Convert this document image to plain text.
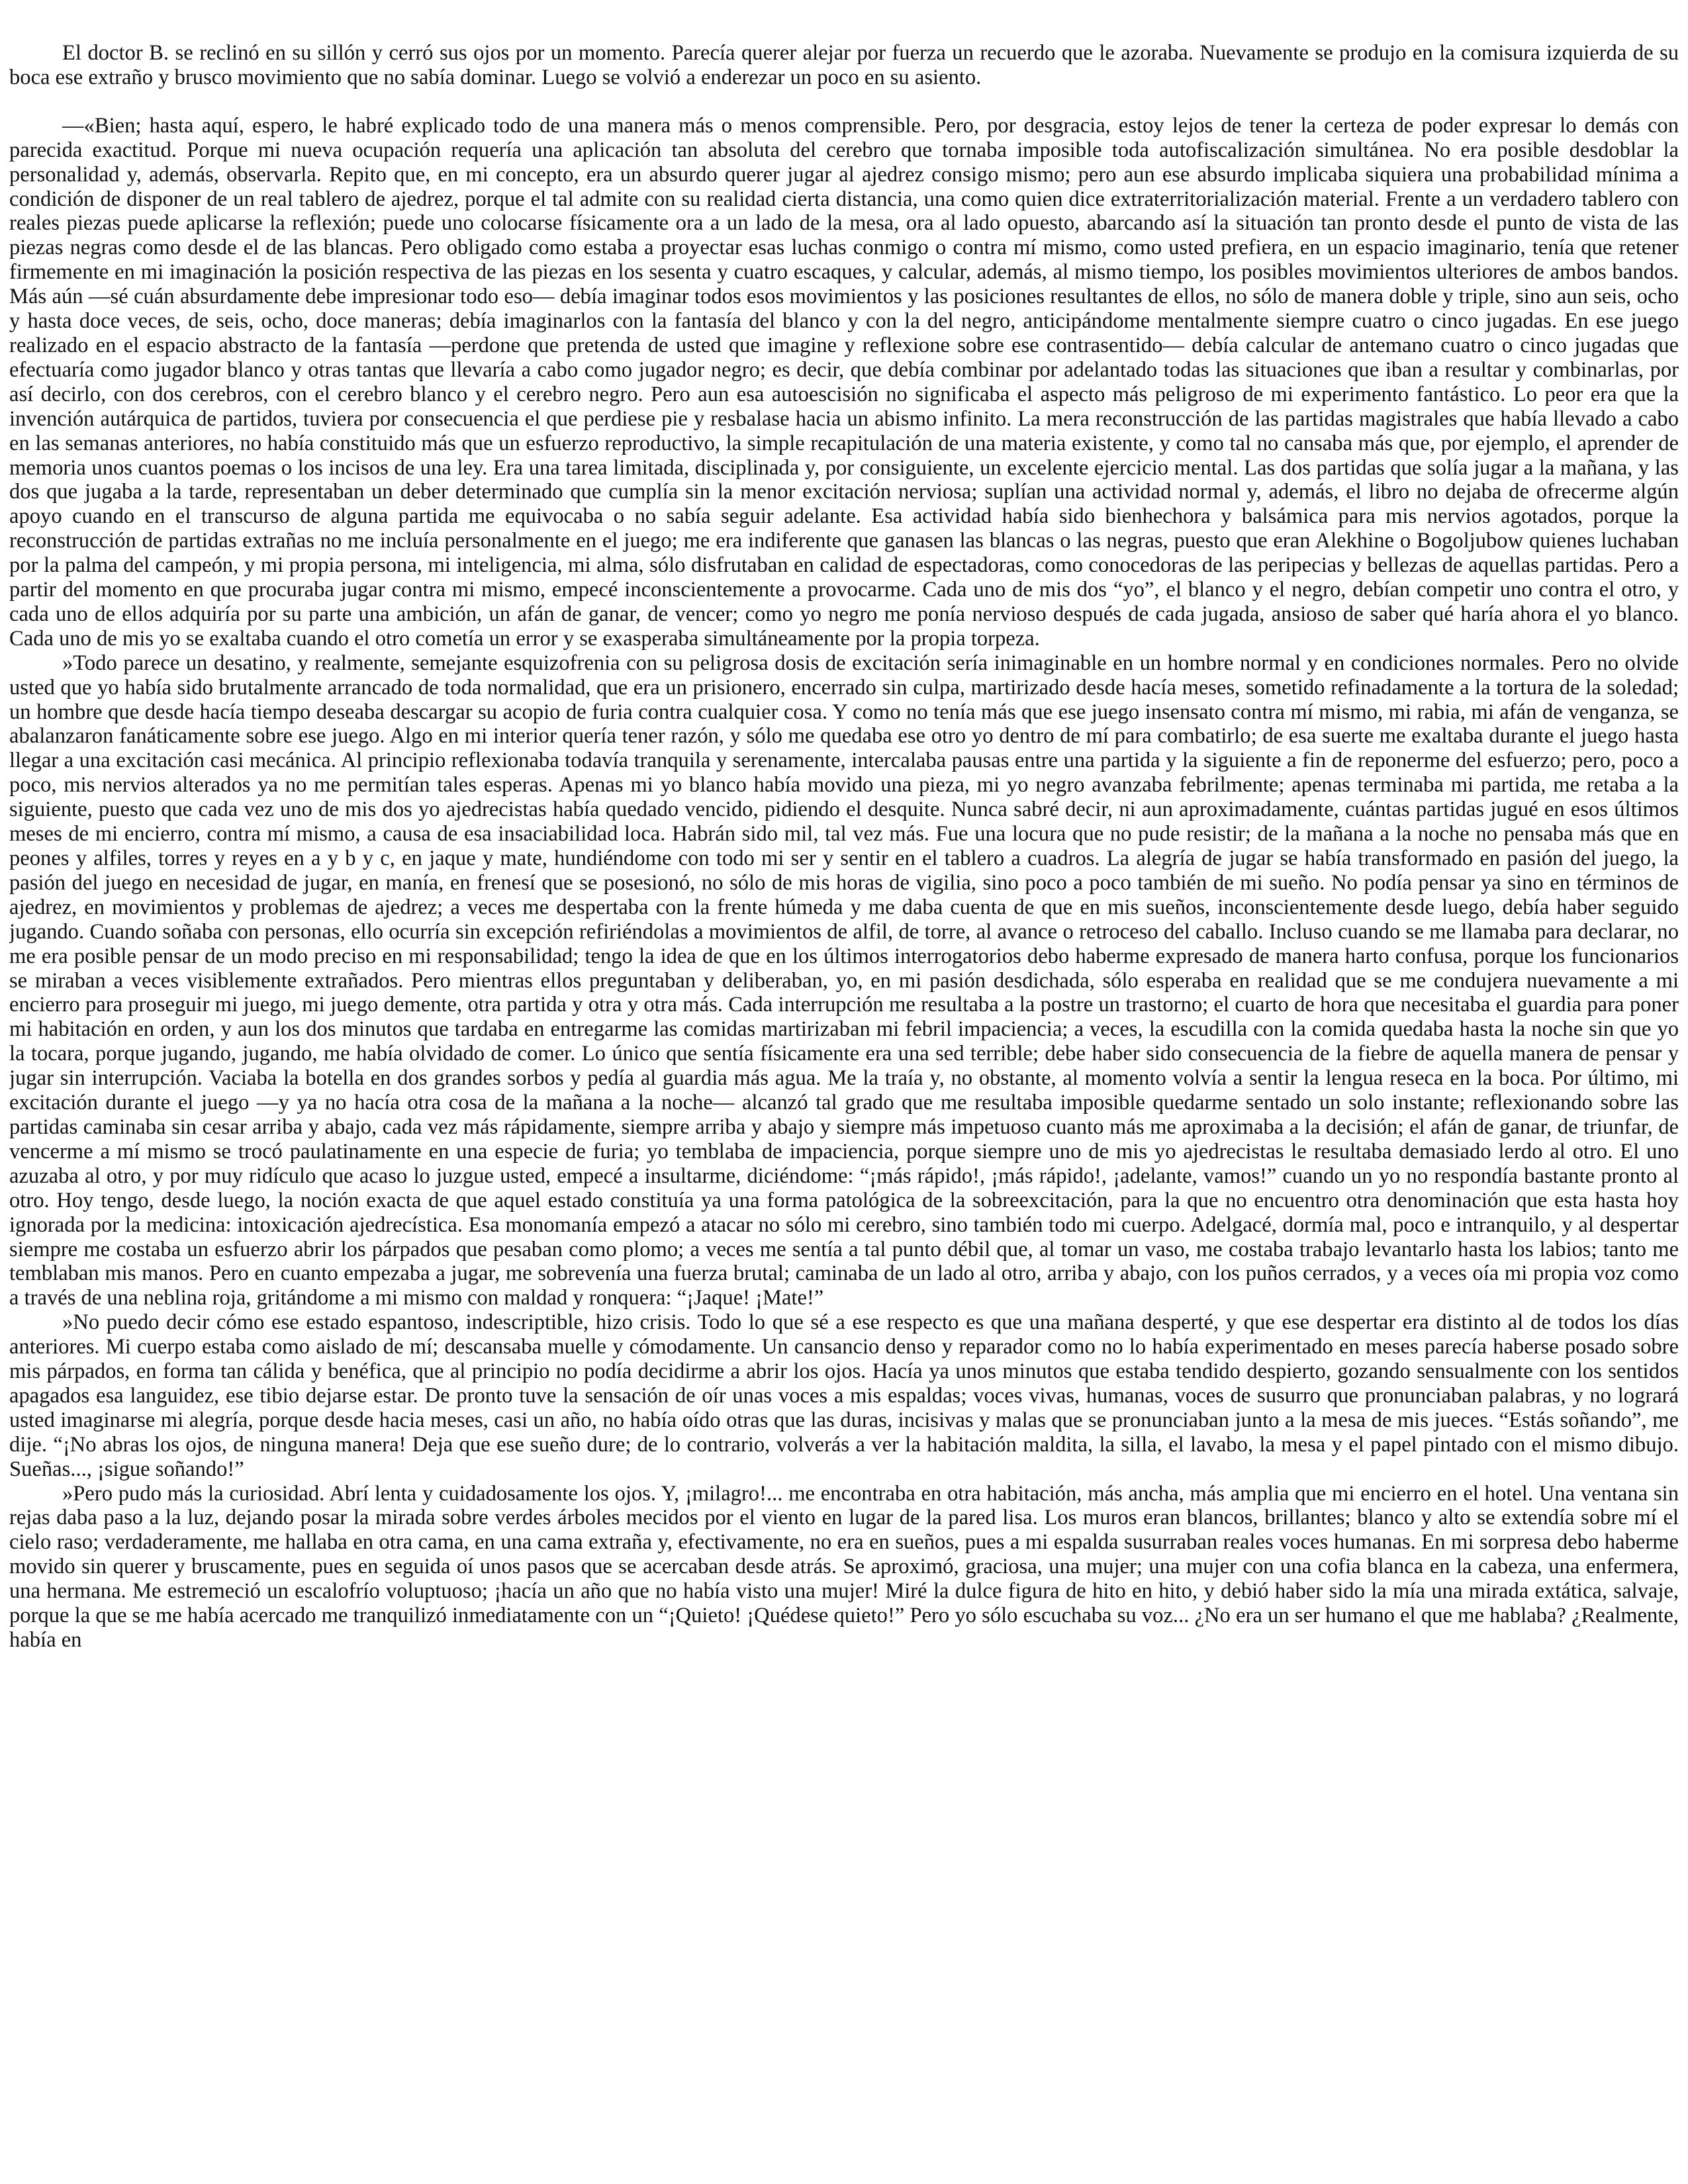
El doctor B. se reclinó en su sillón y cerró sus ojos por un momento. Parecía querer alejar por fuerza un recuerdo que le azoraba. Nuevamente se produjo en la comisura izquierda de su boca ese extraño y brusco movimiento que no sabía dominar. Luego se volvió a enderezar un poco en su asiento.

—«Bien; hasta aquí, espero, le habré explicado todo de una manera más o menos comprensible. Pero, por desgracia, estoy lejos de tener la certeza de poder expresar lo demás con parecida exactitud. Porque mi nueva ocupación requería una aplicación tan absoluta del cerebro que tornaba imposible toda autofiscalización simultánea. No era posible desdoblar la personalidad y, además, observarla. Repito que, en mi concepto, era un absurdo querer jugar al ajedrez consigo mismo; pero aun ese absurdo implicaba siquiera una probabilidad mínima a condición de disponer de un real tablero de ajedrez, porque el tal admite con su realidad cierta distancia, una como quien dice extraterritorialización material. Frente a un verdadero tablero con reales piezas puede aplicarse la reflexión; puede uno colocarse físicamente ora a un lado de la mesa, ora al lado opuesto, abarcando así la situación tan pronto desde el punto de vista de las piezas negras como desde el de las blancas. Pero obligado como estaba a proyectar esas luchas conmigo o contra mí mismo, como usted prefiera, en un espacio imaginario, tenía que retener firmemente en mi imaginación la posición respectiva de las piezas en los sesenta y cuatro escaques, y calcular, además, al mismo tiempo, los posibles movimientos ulteriores de ambos bandos. Más aún —sé cuán absurdamente debe impresionar todo eso— debía imaginar todos esos movimientos y las posiciones resultantes de ellos, no sólo de manera doble y triple, sino aun seis, ocho y hasta doce veces, de seis, ocho, doce maneras; debía imaginarlos con la fantasía del blanco y con la del negro, anticipándome mentalmente siempre cuatro o cinco jugadas. En ese juego realizado en el espacio abstracto de la fantasía —perdone que pretenda de usted que imagine y reflexione sobre ese contrasentido— debía calcular de antemano cuatro o cinco jugadas que efectuaría como jugador blanco y otras tantas que llevaría a cabo como jugador negro; es decir, que debía combinar por adelantado todas las situaciones que iban a resultar y combinarlas, por así decirlo, con dos cerebros, con el cerebro blanco y el cerebro negro. Pero aun esa autoescisión no significaba el aspecto más peligroso de mi experimento fantástico. Lo peor era que la invención autárquica de partidos, tuviera por consecuencia el que perdiese pie y resbalase hacia un abismo infinito. La mera reconstrucción de las partidas magistrales que había llevado a cabo en las semanas anteriores, no había constituido más que un esfuerzo reproductivo, la simple recapitulación de una materia existente, y como tal no cansaba más que, por ejemplo, el aprender de memoria unos cuantos poemas o los incisos de una ley. Era una tarea limitada, disciplinada y, por consiguiente, un excelente ejercicio mental. Las dos partidas que solía jugar a la mañana, y las dos que jugaba a la tarde, representaban un deber determinado que cumplía sin la menor excitación nerviosa; suplían una actividad normal y, además, el libro no dejaba de ofrecerme algún apoyo cuando en el transcurso de alguna partida me equivocaba o no sabía seguir adelante. Esa actividad había sido bienhechora y balsámica para mis nervios agotados, porque la reconstrucción de partidas extrañas no me incluía personalmente en el juego; me era indiferente que ganasen las blancas o las negras, puesto que eran Alekhine o Bogoljubow quienes luchaban por la palma del campeón, y mi propia persona, mi inteligencia, mi alma, sólo disfrutaban en calidad de espectadoras, como conocedoras de las peripecias y bellezas de aquellas partidas. Pero a partir del momento en que procuraba jugar contra mi mismo, empecé inconscientemente a provocarme. Cada uno de mis dos “yo”, el blanco y el negro, debían competir uno contra el otro, y cada uno de ellos adquiría por su parte una ambición, un afán de ganar, de vencer; como yo negro me ponía nervioso después de cada jugada, ansioso de saber qué haría ahora el yo blanco. Cada uno de mis yo se exaltaba cuando el otro cometía un error y se exasperaba simultáneamente por la propia torpeza.

»Todo parece un desatino, y realmente, semejante esquizofrenia con su peligrosa dosis de excitación sería inimaginable en un hombre normal y en condiciones normales. Pero no olvide usted que yo había sido brutalmente arrancado de toda normalidad, que era un prisionero, encerrado sin culpa, martirizado desde hacía meses, sometido refinadamente a la tortura de la soledad; un hombre que desde hacía tiempo deseaba descargar su acopio de furia contra cualquier cosa. Y como no tenía más que ese juego insensato contra mí mismo, mi rabia, mi afán de venganza, se abalanzaron fanáticamente sobre ese juego. Algo en mi interior quería tener razón, y sólo me quedaba ese otro yo dentro de mí para combatirlo; de esa suerte me exaltaba durante el juego hasta llegar a una excitación casi mecánica. Al principio reflexionaba todavía tranquila y serenamente, intercalaba pausas entre una partida y la siguiente a fin de reponerme del esfuerzo; pero, poco a poco, mis nervios alterados ya no me permitían tales esperas. Apenas mi yo blanco había movido una pieza, mi yo negro avanzaba febrilmente; apenas terminaba mi partida, me retaba a la siguiente, puesto que cada vez uno de mis dos yo ajedrecistas había quedado vencido, pidiendo el desquite. Nunca sabré decir, ni aun aproximadamente, cuántas partidas jugué en esos últimos meses de mi encierro, contra mí mismo, a causa de esa insaciabilidad loca. Habrán sido mil, tal vez más. Fue una locura que no pude resistir; de la mañana a la noche no pensaba más que en peones y alfiles, torres y reyes en a y b y c, en jaque y mate, hundiéndome con todo mi ser y sentir en el tablero a cuadros. La alegría de jugar se había transformado en pasión del juego, la pasión del juego en necesidad de jugar, en manía, en frenesí que se posesionó, no sólo de mis horas de vigilia, sino poco a poco también de mi sueño. No podía pensar ya sino en términos de ajedrez, en movimientos y problemas de ajedrez; a veces me despertaba con la frente húmeda y me daba cuenta de que en mis sueños, inconscientemente desde luego, debía haber seguido jugando. Cuando soñaba con personas, ello ocurría sin excepción refiriéndolas a movimientos de alfil, de torre, al avance o retroceso del caballo. Incluso cuando se me llamaba para declarar, no me era posible pensar de un modo preciso en mi responsabilidad; tengo la idea de que en los últimos interrogatorios debo haberme expresado de manera harto confusa, porque los funcionarios se miraban a veces visiblemente extrañados. Pero mientras ellos preguntaban y deliberaban, yo, en mi pasión desdichada, sólo esperaba en realidad que se me condujera nuevamente a mi encierro para proseguir mi juego, mi juego demente, otra partida y otra y otra más. Cada interrupción me resultaba a la postre un trastorno; el cuarto de hora que necesitaba el guardia para poner mi habitación en orden, y aun los dos minutos que tardaba en entregarme las comidas martirizaban mi febril impaciencia; a veces, la escudilla con la comida quedaba hasta la noche sin que yo la tocara, porque jugando, jugando, me había olvidado de comer. Lo único que sentía físicamente era una sed terrible; debe haber sido consecuencia de la fiebre de aquella manera de pensar y jugar sin interrupción. Vaciaba la botella en dos grandes sorbos y pedía al guardia más agua. Me la traía y, no obstante, al momento volvía a sentir la lengua reseca en la boca. Por último, mi excitación durante el juego —y ya no hacía otra cosa de la mañana a la noche— alcanzó tal grado que me resultaba imposible quedarme sentado un solo instante; reflexionando sobre las partidas caminaba sin cesar arriba y abajo, cada vez más rápidamente, siempre arriba y abajo y siempre más impetuoso cuanto más me aproximaba a la decisión; el afán de ganar, de triunfar, de vencerme a mí mismo se trocó paulatinamente en una especie de furia; yo temblaba de impaciencia, porque siempre uno de mis yo ajedrecistas le resultaba demasiado lerdo al otro. El uno azuzaba al otro, y por muy ridículo que acaso lo juzgue usted, empecé a insultarme, diciéndome: “¡más rápido!, ¡más rápido!, ¡adelante, vamos!” cuando un yo no respondía bastante pronto al otro. Hoy tengo, desde luego, la noción exacta de que aquel estado constituía ya una forma patológica de la sobreexcitación, para la que no encuentro otra denominación que esta hasta hoy ignorada por la medicina: intoxicación ajedrecística. Esa monomanía empezó a atacar no sólo mi cerebro, sino también todo mi cuerpo. Adelgacé, dormía mal, poco e intranquilo, y al despertar siempre me costaba un esfuerzo abrir los párpados que pesaban como plomo; a veces me sentía a tal punto débil que, al tomar un vaso, me costaba trabajo levantarlo hasta los labios; tanto me temblaban mis manos. Pero en cuanto empezaba a jugar, me sobrevenía una fuerza brutal; caminaba de un lado al otro, arriba y abajo, con los puños cerrados, y a veces oía mi propia voz como a través de una neblina roja, gritándome a mi mismo con maldad y ronquera: “¡Jaque! ¡Mate!”

»No puedo decir cómo ese estado espantoso, indescriptible, hizo crisis. Todo lo que sé a ese respecto es que una mañana desperté, y que ese despertar era distinto al de todos los días anteriores. Mi cuerpo estaba como aislado de mí; descansaba muelle y cómodamente. Un cansancio denso y reparador como no lo había experimentado en meses parecía haberse posado sobre mis párpados, en forma tan cálida y benéfica, que al principio no podía decidirme a abrir los ojos. Hacía ya unos minutos que estaba tendido despierto, gozando sensualmente con los sentidos apagados esa languidez, ese tibio dejarse estar. De pronto tuve la sensación de oír unas voces a mis espaldas; voces vivas, humanas, voces de susurro que pronunciaban palabras, y no logrará usted imaginarse mi alegría, porque desde hacia meses, casi un año, no había oído otras que las duras, incisivas y malas que se pronunciaban junto a la mesa de mis jueces. “Estás soñando”, me dije. “¡No abras los ojos, de ninguna manera! Deja que ese sueño dure; de lo contrario, volverás a ver la habitación maldita, la silla, el lavabo, la mesa y el papel pintado con el mismo dibujo. Sueñas..., ¡sigue soñando!”

»Pero pudo más la curiosidad. Abrí lenta y cuidadosamente los ojos. Y, ¡milagro!... me encontraba en otra habitación, más ancha, más amplia que mi encierro en el hotel. Una ventana sin rejas daba paso a la luz, dejando posar la mirada sobre verdes árboles mecidos por el viento en lugar de la pared lisa. Los muros eran blancos, brillantes; blanco y alto se extendía sobre mí el cielo raso; verdaderamente, me hallaba en otra cama, en una cama extraña y, efectivamente, no era en sueños, pues a mi espalda susurraban reales voces humanas. En mi sorpresa debo haberme movido sin querer y bruscamente, pues en seguida oí unos pasos que se acercaban desde atrás. Se aproximó, graciosa, una mujer; una mujer con una cofia blanca en la cabeza, una enfermera, una hermana. Me estremeció un escalofrío voluptuoso; ¡hacía un año que no había visto una mujer! Miré la dulce figura de hito en hito, y debió haber sido la mía una mirada extática, salvaje, porque la que se me había acercado me tranquilizó inmediatamente con un “¡Quieto! ¡Quédese quieto!” Pero yo sólo escuchaba su voz... ¿No era un ser humano el que me hablaba? ¿Realmente, había en
